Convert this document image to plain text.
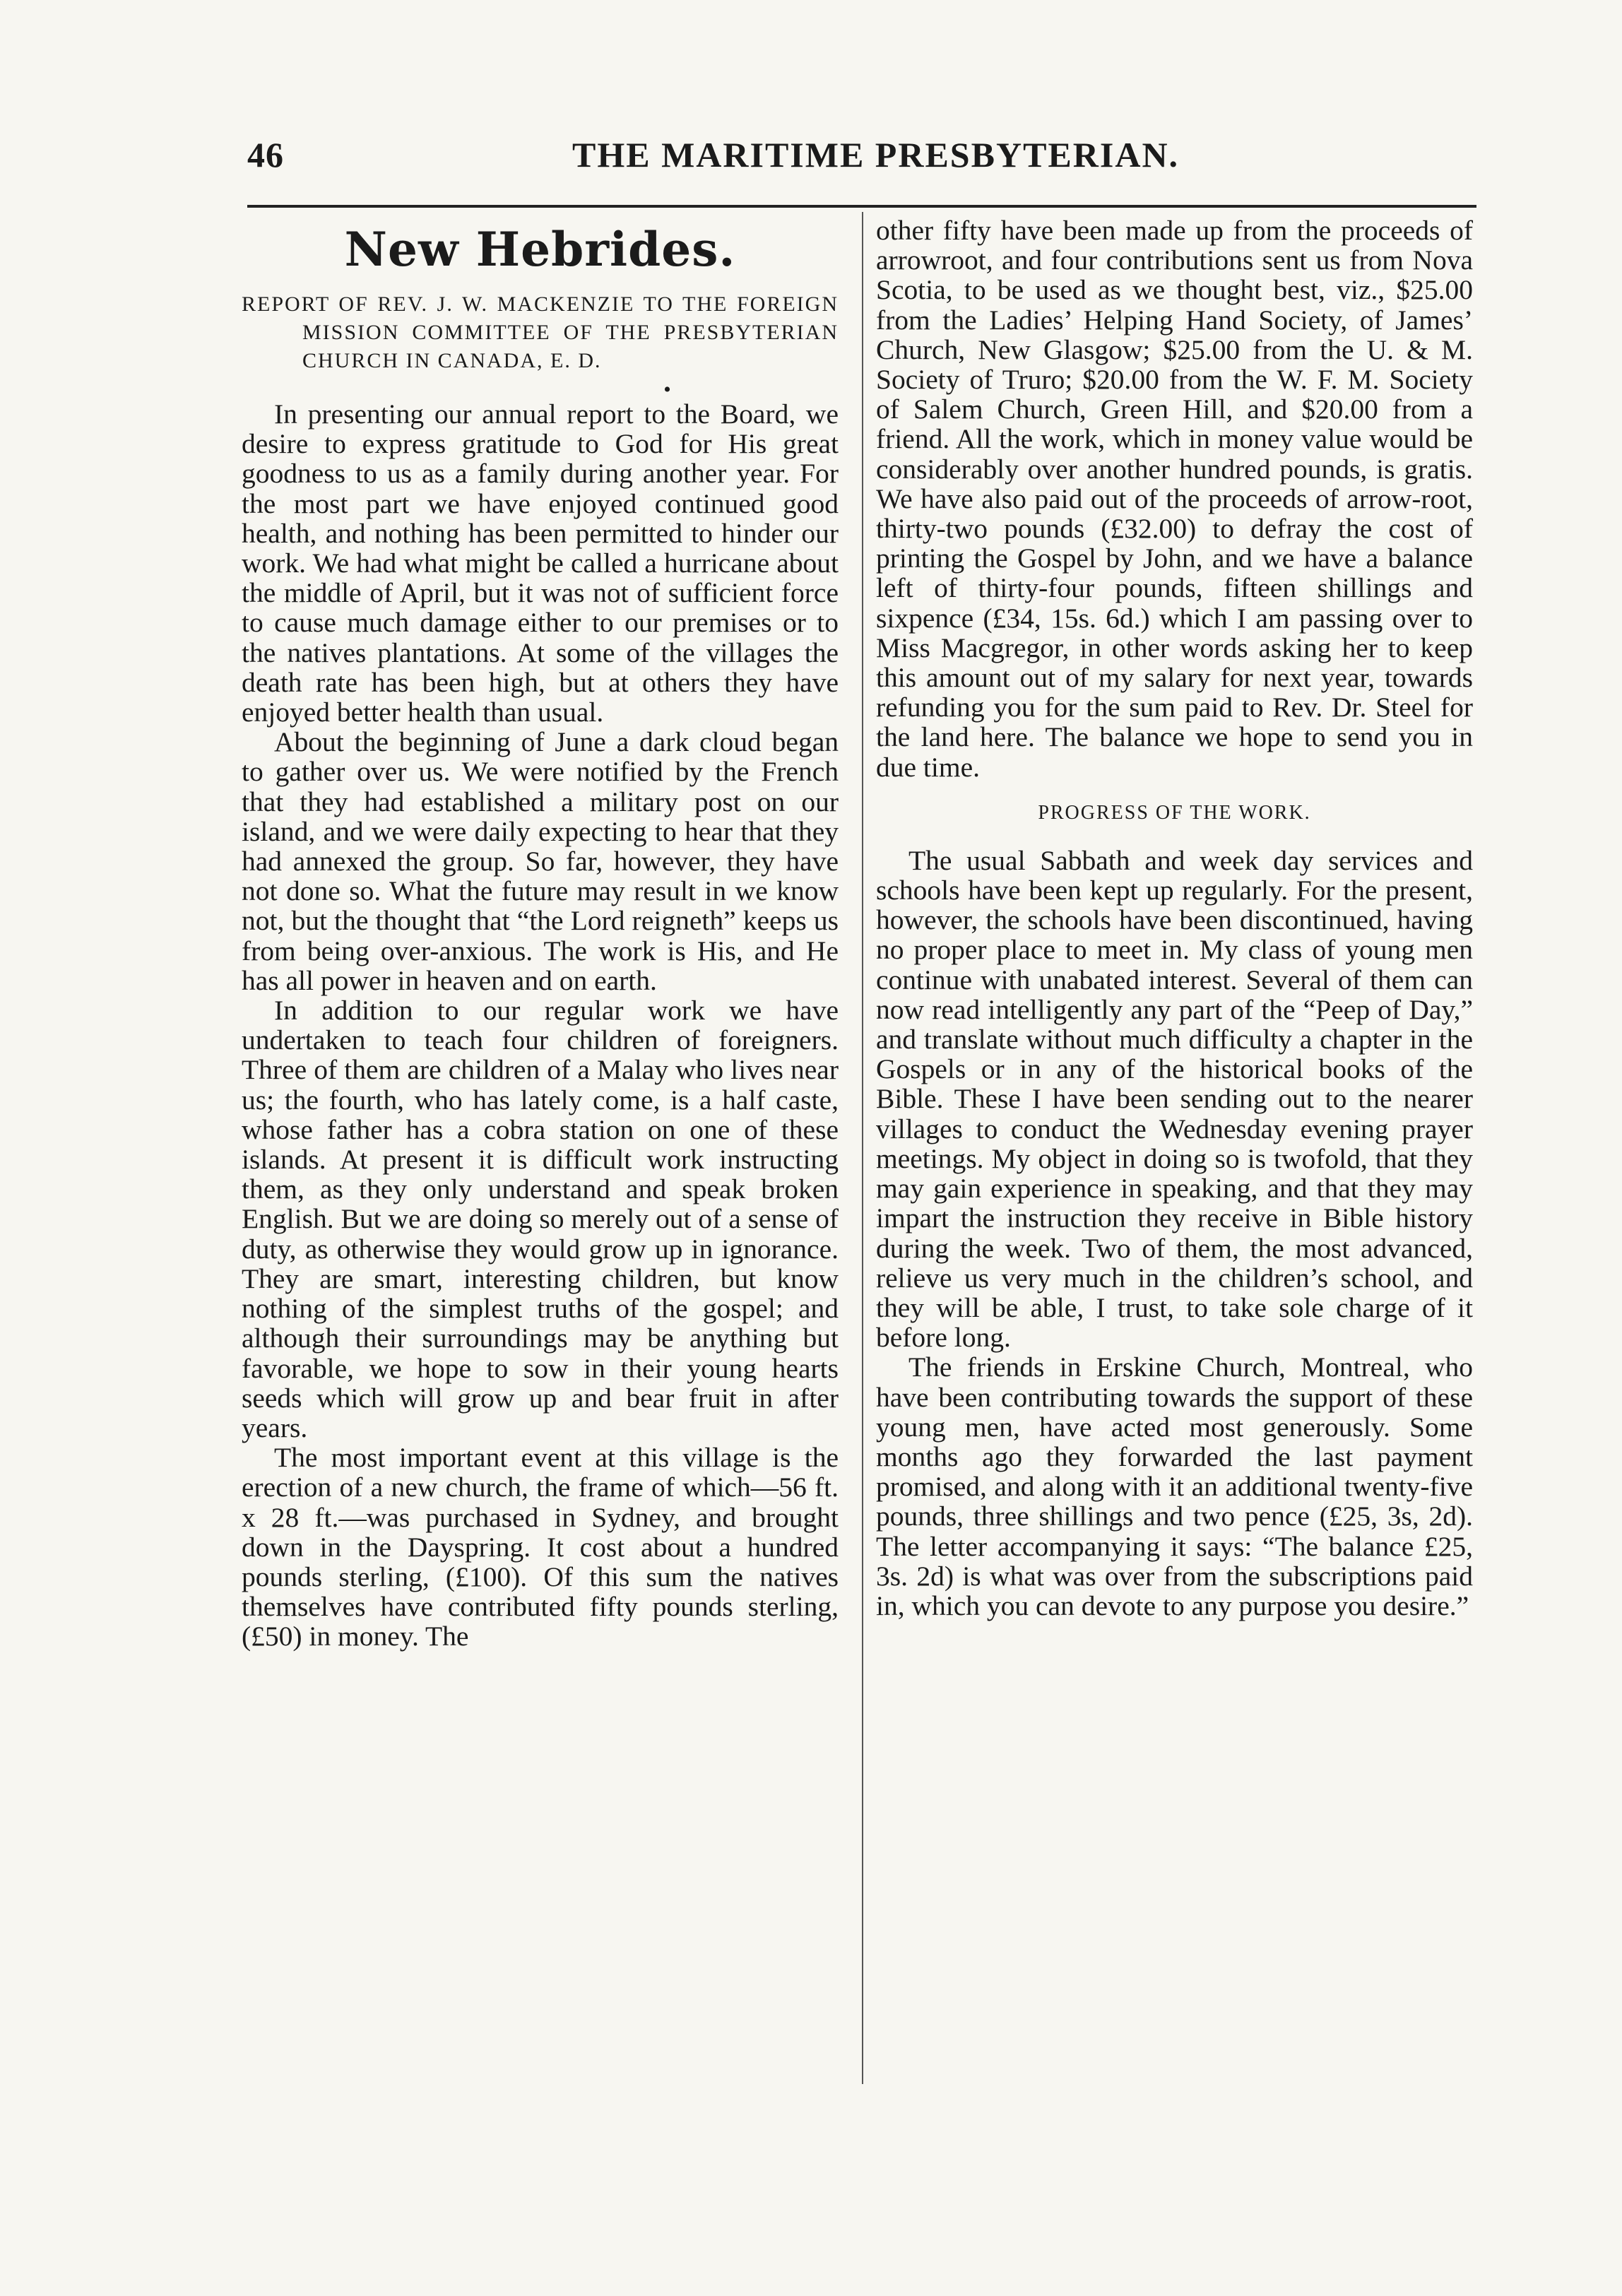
46	THE MARITIME PRESBYTERIAN.
New Hebrides.
REPORT OF REV. J. W. MACKENZIE TO THE FOREIGN MISSION COMMITTEE OF THE PRESBYTERIAN CHURCH IN CANADA, E. D.
•

In presenting our annual report to the Board, we desire to express gratitude to God for His great goodness to us as a family during another year. For the most part we have enjoyed continued good health, and nothing has been permitted to hinder our work. We had what might be called a hurricane about the middle of April, but it was not of sufficient force to cause much damage either to our premises or to the natives plantations. At some of the villages the death rate has been high, but at others they have enjoyed better health than usual.

About the beginning of June a dark cloud began to gather over us. We were notified by the French that they had established a military post on our island, and we were daily expecting to hear that they had annexed the group. So far, however, they have not done so. What the future may result in we know not, but the thought that “the Lord reigneth” keeps us from being over-anxious. The work is His, and He has all power in heaven and on earth.

In addition to our regular work we have undertaken to teach four children of foreigners. Three of them are children of a Malay who lives near us; the fourth, who has lately come, is a half caste, whose father has a cobra station on one of these islands. At present it is difficult work instructing them, as they only understand and speak broken English. But we are doing so merely out of a sense of duty, as otherwise they would grow up in ignorance. They are smart, interesting children, but know nothing of the simplest truths of the gospel; and although their surroundings may be anything but favorable, we hope to sow in their young hearts seeds which will grow up and bear fruit in after years.

The most important event at this village is the erection of a new church, the frame of which—56 ft. x 28 ft.—was purchased in Sydney, and brought down in the Dayspring. It cost about a hundred pounds sterling, (£100). Of this sum the natives themselves have contributed fifty pounds sterling, (£50) in money. The

other fifty have been made up from the proceeds of arrowroot, and four contributions sent us from Nova Scotia, to be used as we thought best, viz., $25.00 from the Ladies’ Helping Hand Society, of James’ Church, New Glasgow; $25.00 from the U. & M. Society of Truro; $20.00 from the W. F. M. Society of Salem Church, Green Hill, and $20.00 from a friend. All the work, which in money value would be considerably over another hundred pounds, is gratis. We have also paid out of the proceeds of arrow-root, thirty-two pounds (£32.00) to defray the cost of printing the Gospel by John, and we have a balance left of thirty-four pounds, fifteen shillings and sixpence (£34, 15s. 6d.) which I am passing over to Miss Macgregor, in other words asking her to keep this amount out of my salary for next year, towards refunding you for the sum paid to Rev. Dr. Steel for the land here. The balance we hope to send you in due time.

PROGRESS OF THE WORK.

The usual Sabbath and week day services and schools have been kept up regularly. For the present, however, the schools have been discontinued, having no proper place to meet in. My class of young men continue with unabated interest. Several of them can now read intelligently any part of the “Peep of Day,” and translate without much difficulty a chapter in the Gospels or in any of the historical books of the Bible. These I have been sending out to the nearer villages to conduct the Wednesday evening prayer meetings. My object in doing so is twofold, that they may gain experience in speaking, and that they may impart the instruction they receive in Bible history during the week. Two of them, the most advanced, relieve us very much in the children’s school, and they will be able, I trust, to take sole charge of it before long.

The friends in Erskine Church, Montreal, who have been contributing towards the support of these young men, have acted most generously. Some months ago they forwarded the last payment promised, and along with it an additional twenty-five pounds, three shillings and two pence (£25, 3s, 2d). The letter accompanying it says: “The balance £25, 3s. 2d) is what was over from the subscriptions paid in, which you can devote to any purpose you desire.”
